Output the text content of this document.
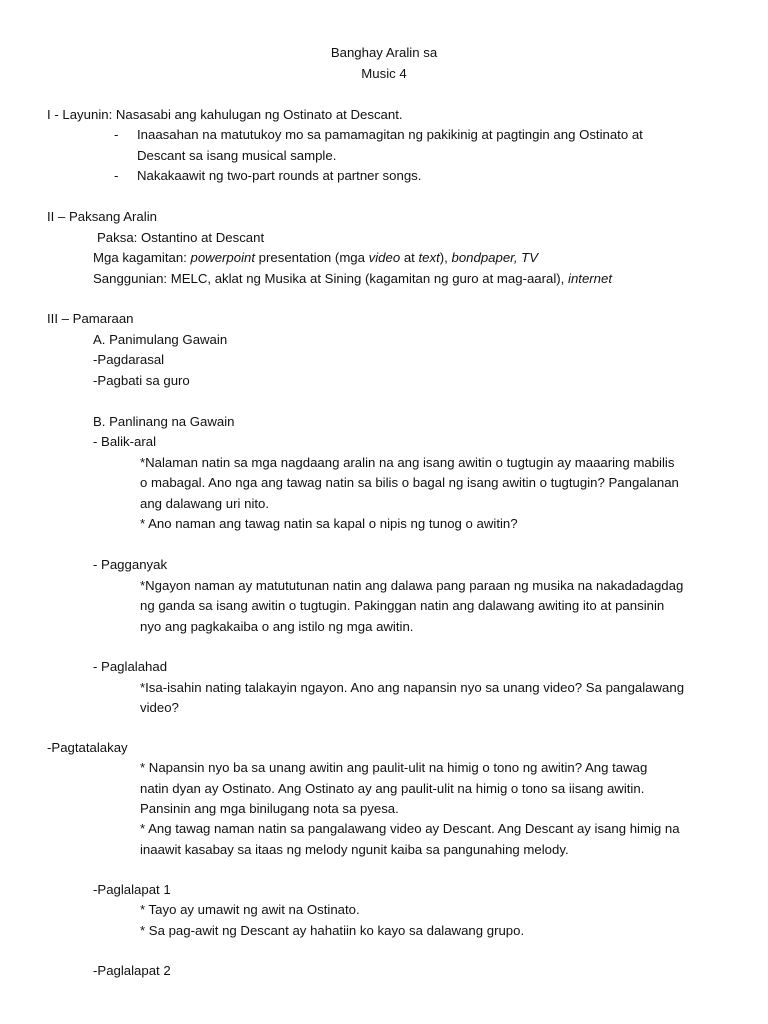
Banghay Aralin sa

Music 4

I - Layunin: Nasasabi ang kahulugan ng Ostinato at Descant.

- Inaasahan na matutukoy mo sa pamamagitan ng pakikinig at pagtingin ang Ostinato at

Descant sa isang musical sample.

- Nakakaawit ng two-part rounds at partner songs.

II – Paksang Aralin

Paksa: Ostantino at Descant

Mga kagamitan: powerpoint presentation (mga video at text), bondpaper, TV

Sanggunian: MELC, aklat ng Musika at Sining (kagamitan ng guro at mag-aaral), internet

III – Pamaraan

A. Panimulang Gawain

-Pagdarasal

-Pagbati sa guro

B. Panlinang na Gawain

- Balik-aral

*Nalaman natin sa mga nagdaang aralin na ang isang awitin o tugtugin ay maaaring mabilis

o mabagal. Ano nga ang tawag natin sa bilis o bagal ng isang awitin o tugtugin? Pangalanan

ang dalawang uri nito.

* Ano naman ang tawag natin sa kapal o nipis ng tunog o awitin?

- Pagganyak

*Ngayon naman ay matututunan natin ang dalawa pang paraan ng musika na nakadadagdag

ng ganda sa isang awitin o tugtugin. Pakinggan natin ang dalawang awiting ito at pansinin

nyo ang pagkakaiba o ang istilo ng mga awitin.

- Paglalahad

*Isa-isahin nating talakayin ngayon. Ano ang napansin nyo sa unang video? Sa pangalawang

video?

-Pagtatalakay

* Napansin nyo ba sa unang awitin ang paulit-ulit na himig o tono ng awitin? Ang tawag

natin dyan ay Ostinato. Ang Ostinato ay ang paulit-ulit na himig o tono sa iisang awitin.

Pansinin ang mga binilugang nota sa pyesa.

* Ang tawag naman natin sa pangalawang video ay Descant. Ang Descant ay isang himig na

inaawit kasabay sa itaas ng melody ngunit kaiba sa pangunahing melody.

-Paglalapat 1

* Tayo ay umawit ng awit na Ostinato.

* Sa pag-awit ng Descant ay hahatiin ko kayo sa dalawang grupo.

-Paglalapat 2
